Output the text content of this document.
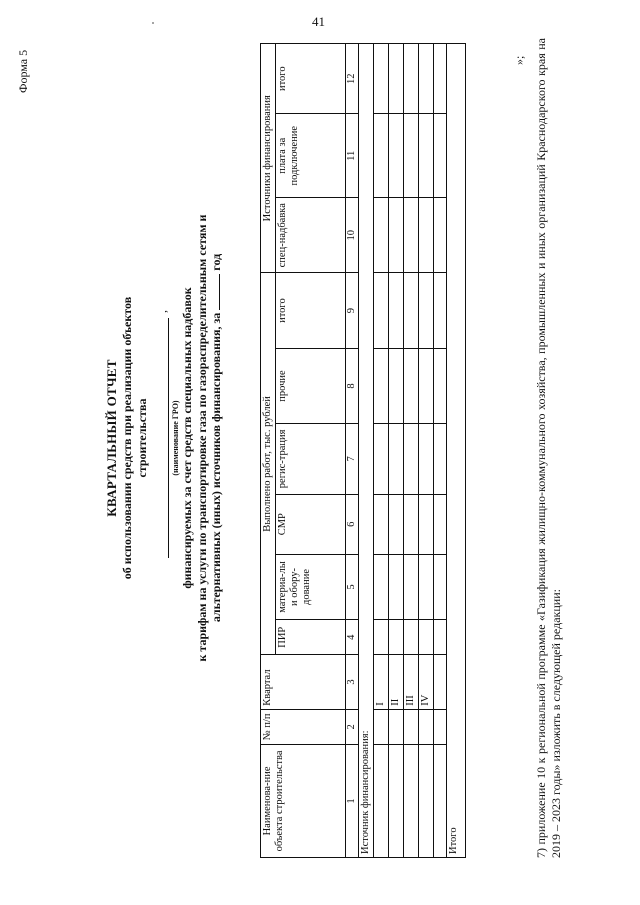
41
Форма 5
КВАРТАЛЬНЫЙ ОТЧЕТ об использовании средств при реализации объектов строительства
,
(наименование ГРО) финансируемых за счет средств специальных надбавок к тарифам на услуги по транспортировке газа по газораспределительным сетям и альтернативных (иных) источников финансирования, за  год
Наименова-ние объекта строительства	№ п/п	Квартал	Выполнено работ, тыс. рублей						Источники финансирования		
			ПИР	материа-лы и обору-дование	СМР	регис-трация	прочие	итого	спец-надбавка	плата за подключение	итого
1	2	3	4	5	6	7	8	9	10	11	12
Источник финансирования:											
		I									
		II									
		III									
		IV									

Итого											
»; 7) приложение 10 к региональной программе «Газификация жилищно-коммунального хозяйства, промышленных и иных организаций Краснодарского края на 2019 – 2023 годы» изложить в следующей редакции:
